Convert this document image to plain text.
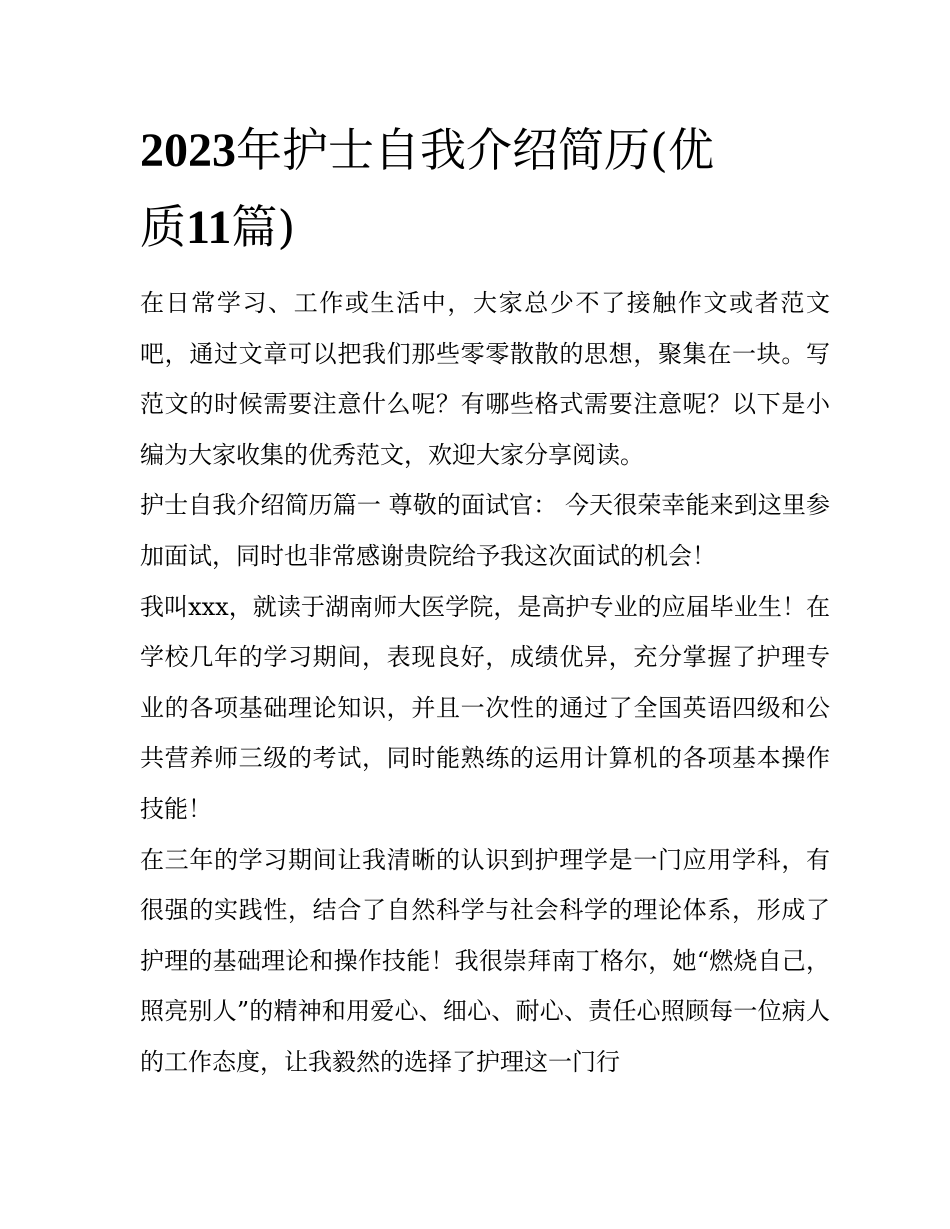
2023年护士自我介绍简历(优
质11篇)

在日常学习、工作或生活中，大家总少不了接触作文或者范文吧，通过文章可以把我们那些零零散散的思想，聚集在一块。写范文的时候需要注意什么呢？有哪些格式需要注意呢？以下是小编为大家收集的优秀范文，欢迎大家分享阅读。

护士自我介绍简历篇一 尊敬的面试官： 今天很荣幸能来到这里参加面试，同时也非常感谢贵院给予我这次面试的机会！

我叫xxx，就读于湖南师大医学院，是高护专业的应届毕业生！在学校几年的学习期间，表现良好，成绩优异，充分掌握了护理专业的各项基础理论知识，并且一次性的通过了全国英语四级和公共营养师三级的考试，同时能熟练的运用计算机的各项基本操作技能！

在三年的学习期间让我清晰的认识到护理学是一门应用学科，有很强的实践性，结合了自然科学与社会科学的理论体系，形成了护理的基础理论和操作技能！我很崇拜南丁格尔，她“燃烧自己，照亮别人”的精神和用爱心、细心、耐心、责任心照顾每一位病人的工作态度，让我毅然的选择了护理这一门行
